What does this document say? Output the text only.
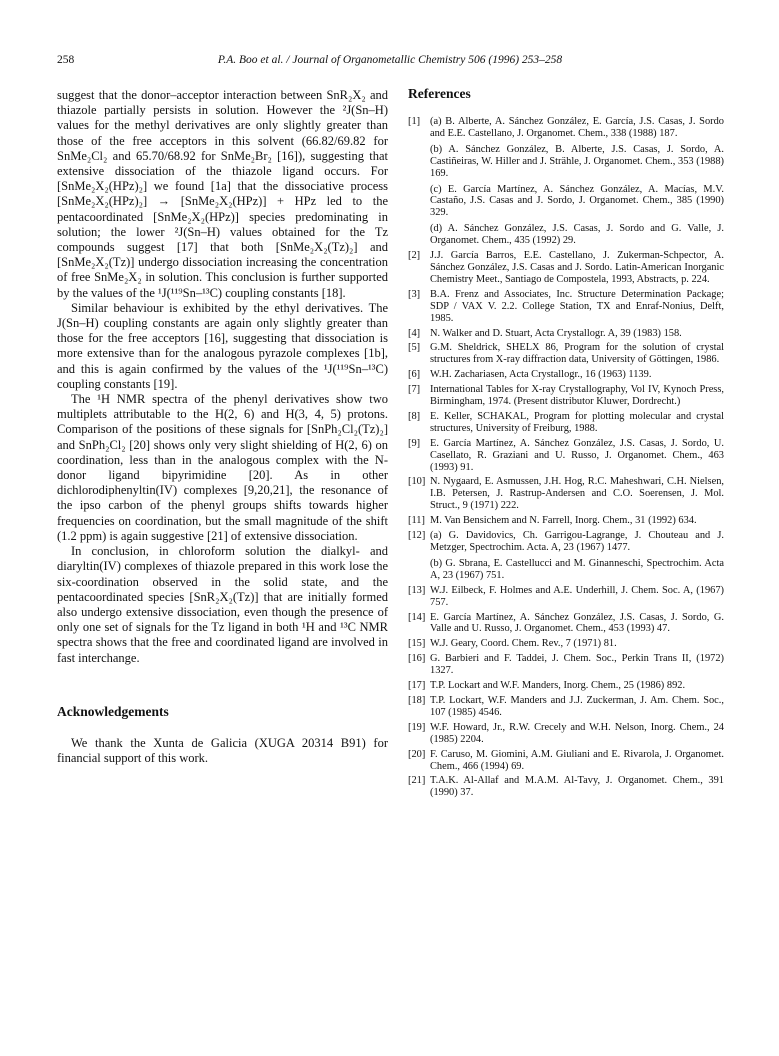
258	P.A. Boo et al. / Journal of Organometallic Chemistry 506 (1996) 253–258

suggest that the donor–acceptor interaction between SnR₂X₂ and thiazole partially persists in solution. However the ²J(Sn–H) values for the methyl derivatives are only slightly greater than those of the free acceptors in this solvent (66.82/69.82 for SnMe₂Cl₂ and 65.70/68.92 for SnMe₂Br₂ [16]), suggesting that extensive dissociation of the thiazole ligand occurs. For [SnMe₂X₂(HPz)₂] we found [1a] that the dissociative process [SnMe₂X₂(HPz)₂] → [SnMe₂X₂(HPz)] + HPz led to the pentacoordinated [SnMe₂X₂(HPz)] species predominating in solution; the lower ²J(Sn–H) values obtained for the Tz compounds suggest [17] that both [SnMe₂X₂(Tz)₂] and [SnMe₂X₂(Tz)] undergo dissociation increasing the concentration of free SnMe₂X₂ in solution. This conclusion is further supported by the values of the ¹J(¹¹⁹Sn–¹³C) coupling constants [18].

Similar behaviour is exhibited by the ethyl derivatives. The J(Sn–H) coupling constants are again only slightly greater than those for the free acceptors [16], suggesting that dissociation is more extensive than for the analogous pyrazole complexes [1b], and this is again confirmed by the values of the ¹J(¹¹⁹Sn–¹³C) coupling constants [19].

The ¹H NMR spectra of the phenyl derivatives show two multiplets attributable to the H(2, 6) and H(3, 4, 5) protons. Comparison of the positions of these signals for [SnPh₂Cl₂(Tz)₂] and SnPh₂Cl₂ [20] shows only very slight shielding of H(2, 6) on coordination, less than in the analogous complex with the N-donor ligand bipyrimidine [20]. As in other dichlorodiphenyltin(IV) complexes [9,20,21], the resonance of the ipso carbon of the phenyl groups shifts towards higher frequencies on coordination, but the small magnitude of the shift (1.2 ppm) is again suggestive [21] of extensive dissociation.

In conclusion, in chloroform solution the dialkyl- and diaryltin(IV) complexes of thiazole prepared in this work lose the six-coordination observed in the solid state, and the pentacoordinated species [SnR₂X₂(Tz)] that are initially formed also undergo extensive dissociation, even though the presence of only one set of signals for the Tz ligand in both ¹H and ¹³C NMR spectra shows that the free and coordinated ligand are involved in fast interchange.

Acknowledgements

We thank the Xunta de Galicia (XUGA 20314 B91) for financial support of this work.

References
[1] (a) B. Alberte, A. Sánchez González, E. García, J.S. Casas, J. Sordo and E.E. Castellano, J. Organomet. Chem., 338 (1988) 187.
(b) A. Sánchez González, B. Alberte, J.S. Casas, J. Sordo, A. Castiñeiras, W. Hiller and J. Strähle, J. Organomet. Chem., 353 (1988) 169.
(c) E. García Martínez, A. Sánchez González, A. Macías, M.V. Castaño, J.S. Casas and J. Sordo, J. Organomet. Chem., 385 (1990) 329.
(d) A. Sánchez González, J.S. Casas, J. Sordo and G. Valle, J. Organomet. Chem., 435 (1992) 29.
[2] J.J. García Barros, E.E. Castellano, J. Zukerman-Schpector, A. Sánchez González, J.S. Casas and J. Sordo. Latin-American Inorganic Chemistry Meet., Santiago de Compostela, 1993, Abstracts, p. 224.
[3] B.A. Frenz and Associates, Inc. Structure Determination Package; SDP / VAX V. 2.2. College Station, TX and Enraf-Nonius, Delft, 1985.
[4] N. Walker and D. Stuart, Acta Crystallogr. A, 39 (1983) 158.
[5] G.M. Sheldrick, SHELX 86, Program for the solution of crystal structures from X-ray diffraction data, University of Göttingen, 1986.
[6] W.H. Zachariasen, Acta Crystallogr., 16 (1963) 1139.
[7] International Tables for X-ray Crystallography, Vol IV, Kynoch Press, Birmingham, 1974. (Present distributor Kluwer, Dordrecht.)
[8] E. Keller, SCHAKAL, Program for plotting molecular and crystal structures, University of Freiburg, 1988.
[9] E. García Martínez, A. Sánchez González, J.S. Casas, J. Sordo, U. Casellato, R. Graziani and U. Russo, J. Organomet. Chem., 463 (1993) 91.
[10] N. Nygaard, E. Asmussen, J.H. Hog, R.C. Maheshwari, C.H. Nielsen, I.B. Petersen, J. Rastrup-Andersen and C.O. Soerensen, J. Mol. Struct., 9 (1971) 222.
[11] M. Van Bensichem and N. Farrell, Inorg. Chem., 31 (1992) 634.
[12] (a) G. Davidovics, Ch. Garrigou-Lagrange, J. Chouteau and J. Metzger, Spectrochim. Acta. A, 23 (1967) 1477.
(b) G. Sbrana, E. Castellucci and M. Ginanneschi, Spectrochim. Acta A, 23 (1967) 751.
[13] W.J. Eilbeck, F. Holmes and A.E. Underhill, J. Chem. Soc. A, (1967) 757.
[14] E. García Martínez, A. Sánchez González, J.S. Casas, J. Sordo, G. Valle and U. Russo, J. Organomet. Chem., 453 (1993) 47.
[15] W.J. Geary, Coord. Chem. Rev., 7 (1971) 81.
[16] G. Barbieri and F. Taddei, J. Chem. Soc., Perkin Trans II, (1972) 1327.
[17] T.P. Lockart and W.F. Manders, Inorg. Chem., 25 (1986) 892.
[18] T.P. Lockart, W.F. Manders and J.J. Zuckerman, J. Am. Chem. Soc., 107 (1985) 4546.
[19] W.F. Howard, Jr., R.W. Crecely and W.H. Nelson, Inorg. Chem., 24 (1985) 2204.
[20] F. Caruso, M. Giomini, A.M. Giuliani and E. Rivarola, J. Organomet. Chem., 466 (1994) 69.
[21] T.A.K. Al-Allaf and M.A.M. Al-Tavy, J. Organomet. Chem., 391 (1990) 37.
